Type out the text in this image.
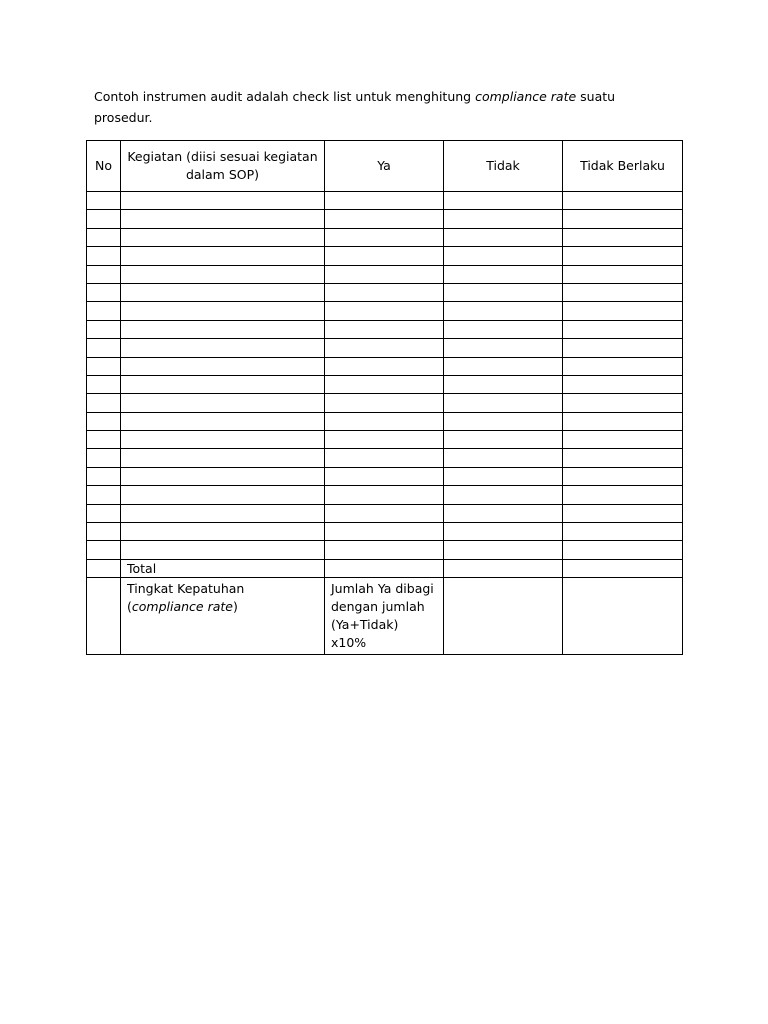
Contoh instrumen audit adalah check list untuk menghitung compliance rate suatu prosedur.
No	Kegiatan (diisi sesuai kegiatan dalam SOP)	Ya	Tidak	Tidak Berlaku

	Total			
	Tingkat Kepatuhan (compliance rate)	Jumlah Ya dibagi dengan jumlah (Ya+Tidak) x10%		
